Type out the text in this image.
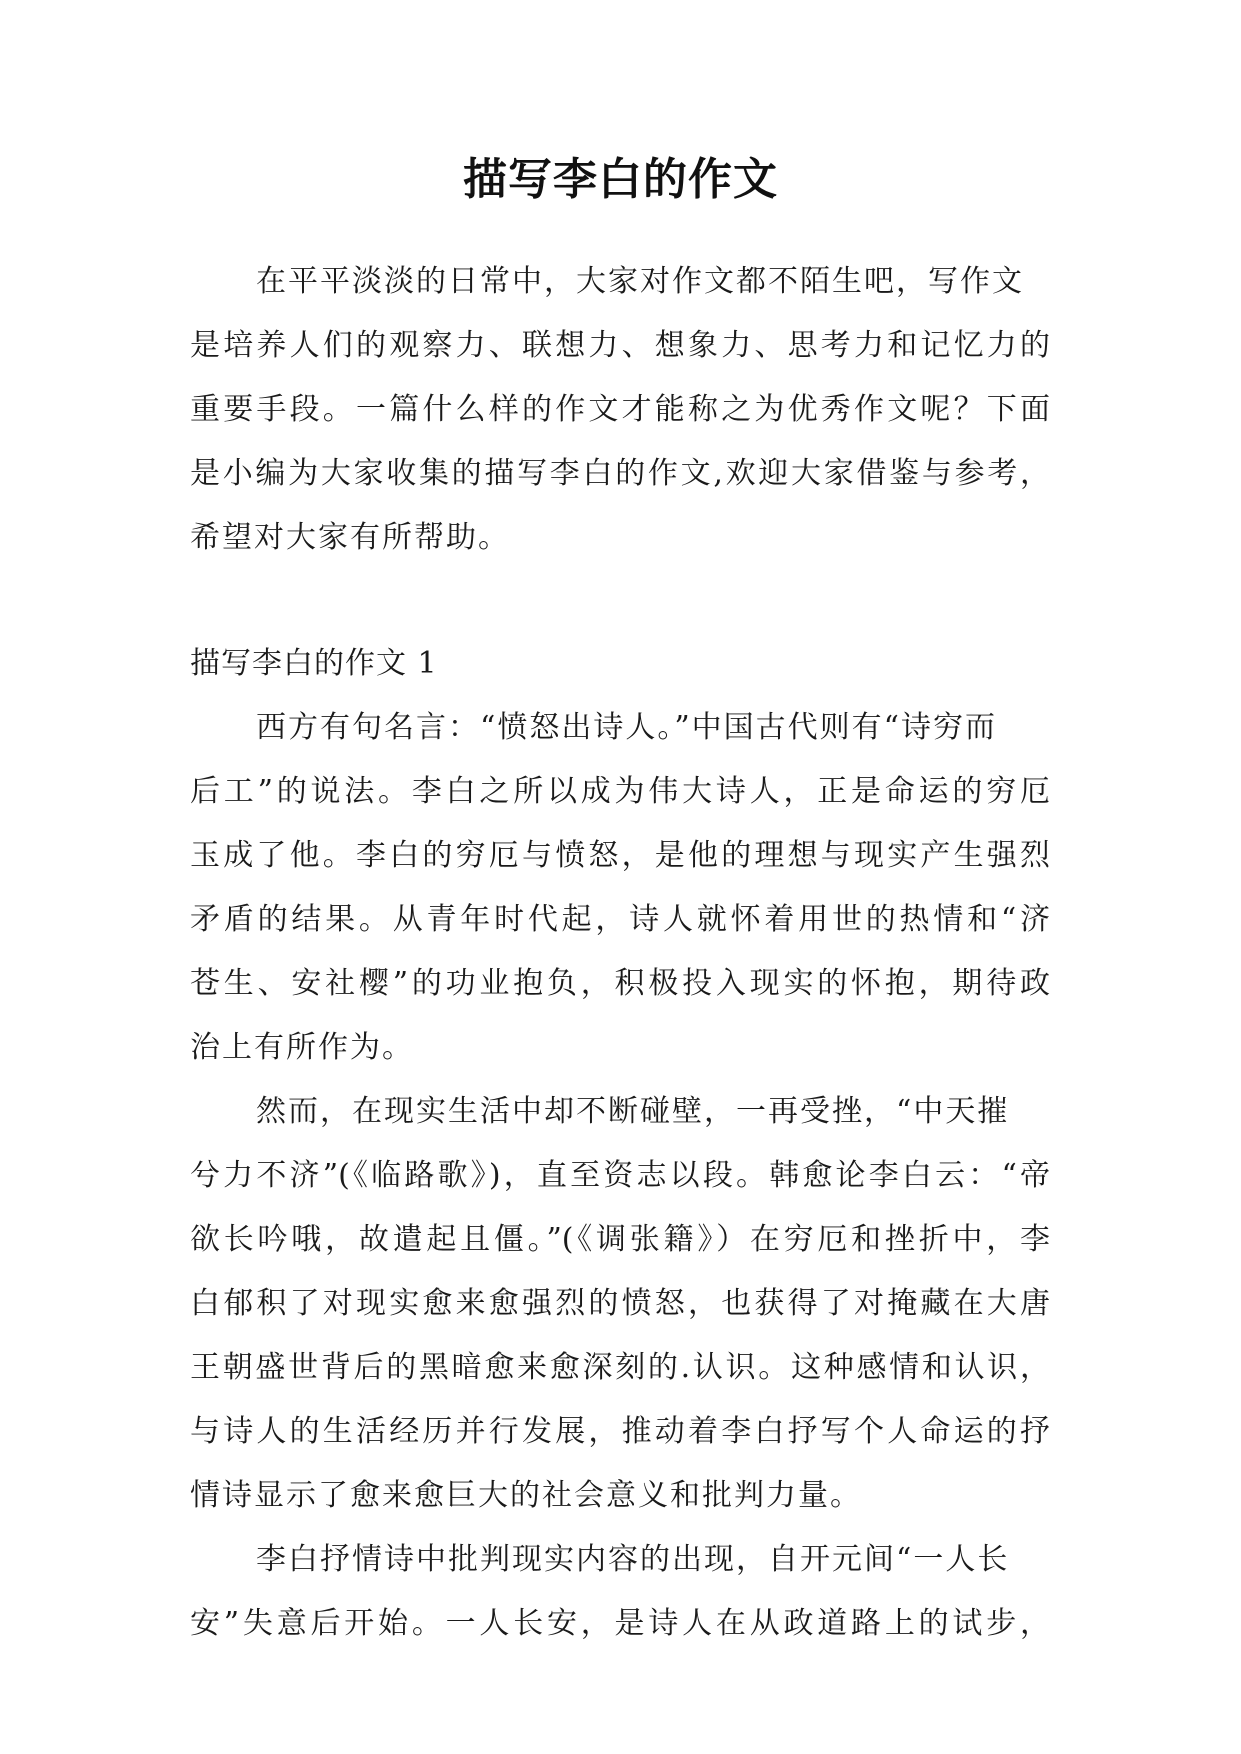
描写李白的作文
在平平淡淡的日常中，大家对作文都不陌生吧，写作文
是培养人们的观察力、联想力、想象力、思考力和记忆力的
重要手段。一篇什么样的作文才能称之为优秀作文呢？下面
是小编为大家收集的描写李白的作文,欢迎大家借鉴与参考，
希望对大家有所帮助。
描写李白的作文 1
西方有句名言：“愤怒出诗人。”中国古代则有“诗穷而
后工”的说法。李白之所以成为伟大诗人，正是命运的穷厄
玉成了他。李白的穷厄与愤怒，是他的理想与现实产生强烈
矛盾的结果。从青年时代起，诗人就怀着用世的热情和“济
苍生、安社樱”的功业抱负，积极投入现实的怀抱，期待政
治上有所作为。
然而，在现实生活中却不断碰壁，一再受挫，“中天摧
兮力不济”(《临路歌》)，直至资志以段。韩愈论李白云：“帝
欲长吟哦，故遣起且僵。”(《调张籍》）在穷厄和挫折中，李
白郁积了对现实愈来愈强烈的愤怒，也获得了对掩藏在大唐
王朝盛世背后的黑暗愈来愈深刻的.认识。这种感情和认识，
与诗人的生活经历并行发展，推动着李白抒写个人命运的抒
情诗显示了愈来愈巨大的社会意义和批判力量。
李白抒情诗中批判现实内容的出现，自开元间“一人长
安”失意后开始。一人长安，是诗人在从政道路上的试步，
